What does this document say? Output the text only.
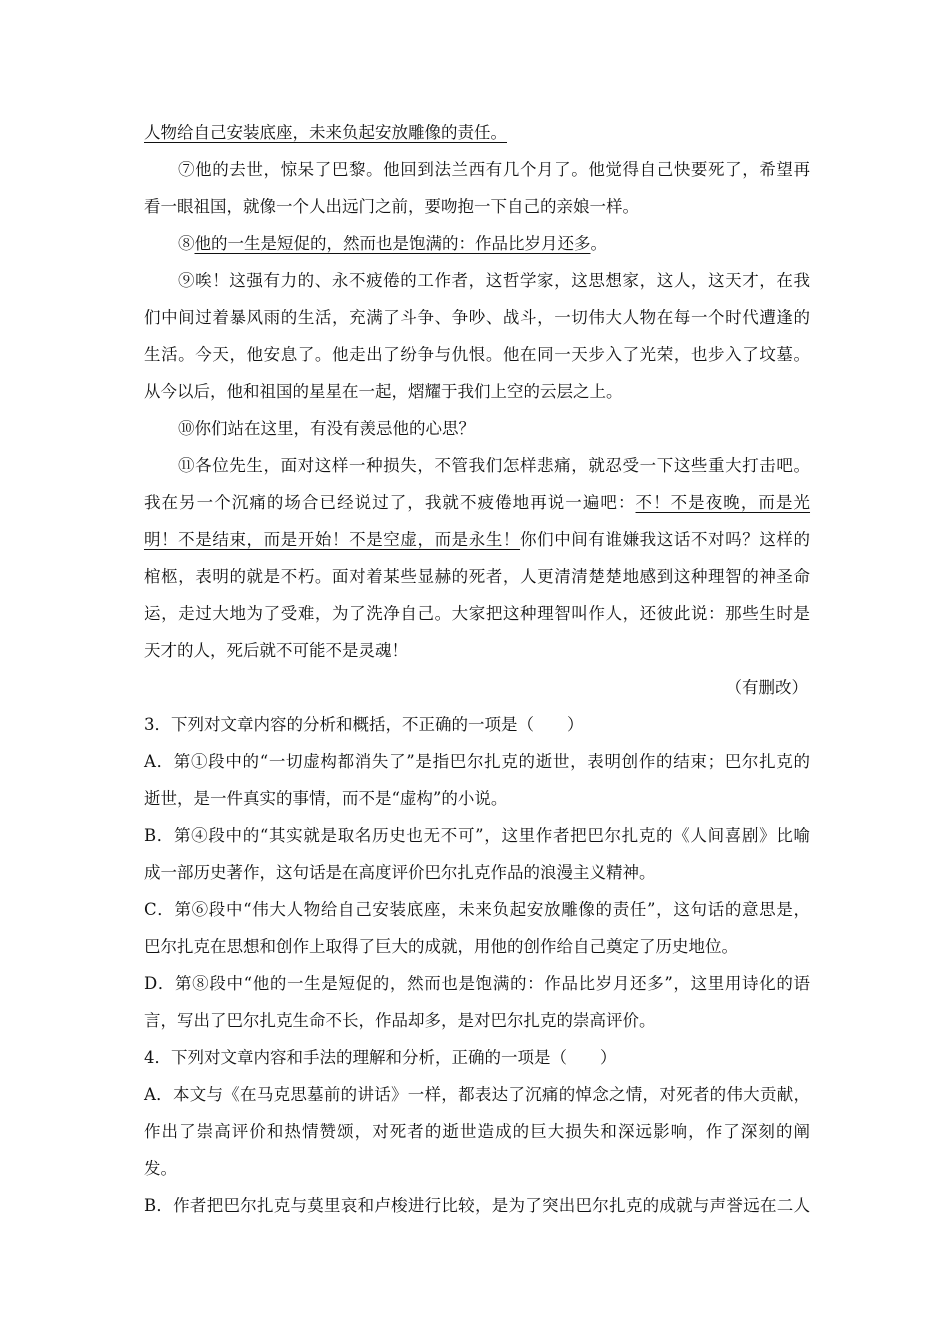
人物给自己安装底座，未来负起安放雕像的责任。
⑦他的去世，惊呆了巴黎。他回到法兰西有几个月了。他觉得自己快要死了，希望再
看一眼祖国，就像一个人出远门之前，要吻抱一下自己的亲娘一样。
⑧他的一生是短促的，然而也是饱满的：作品比岁月还多。
⑨唉！这强有力的、永不疲倦的工作者，这哲学家，这思想家，这人，这天才，在我
们中间过着暴风雨的生活，充满了斗争、争吵、战斗，一切伟大人物在每一个时代遭逢的
生活。今天，他安息了。他走出了纷争与仇恨。他在同一天步入了光荣，也步入了坟墓。
从今以后，他和祖国的星星在一起，熠耀于我们上空的云层之上。
⑩你们站在这里，有没有羡忌他的心思？
⑪各位先生，面对这样一种损失，不管我们怎样悲痛，就忍受一下这些重大打击吧。
我在另一个沉痛的场合已经说过了，我就不疲倦地再说一遍吧：不！不是夜晚，而是光
明！不是结束，而是开始！不是空虚，而是永生！你们中间有谁嫌我这话不对吗？这样的
棺柩，表明的就是不朽。面对着某些显赫的死者，人更清清楚楚地感到这种理智的神圣命
运，走过大地为了受难，为了洗净自己。大家把这种理智叫作人，还彼此说：那些生时是
天才的人，死后就不可能不是灵魂！
（有删改）
3．下列对文章内容的分析和概括，不正确的一项是（　　）
A．第①段中的“一切虚构都消失了”是指巴尔扎克的逝世，表明创作的结束；巴尔扎克的
逝世，是一件真实的事情，而不是“虚构”的小说。
B．第④段中的“其实就是取名历史也无不可”，这里作者把巴尔扎克的《人间喜剧》比喻
成一部历史著作，这句话是在高度评价巴尔扎克作品的浪漫主义精神。
C．第⑥段中“伟大人物给自己安装底座，未来负起安放雕像的责任”，这句话的意思是，
巴尔扎克在思想和创作上取得了巨大的成就，用他的创作给自己奠定了历史地位。
D．第⑧段中“他的一生是短促的，然而也是饱满的：作品比岁月还多”，这里用诗化的语
言，写出了巴尔扎克生命不长，作品却多，是对巴尔扎克的崇高评价。
4．下列对文章内容和手法的理解和分析，正确的一项是（　　）
A．本文与《在马克思墓前的讲话》一样，都表达了沉痛的悼念之情，对死者的伟大贡献，
作出了崇高评价和热情赞颂，对死者的逝世造成的巨大损失和深远影响，作了深刻的阐
发。
B．作者把巴尔扎克与莫里哀和卢梭进行比较，是为了突出巴尔扎克的成就与声誉远在二人
